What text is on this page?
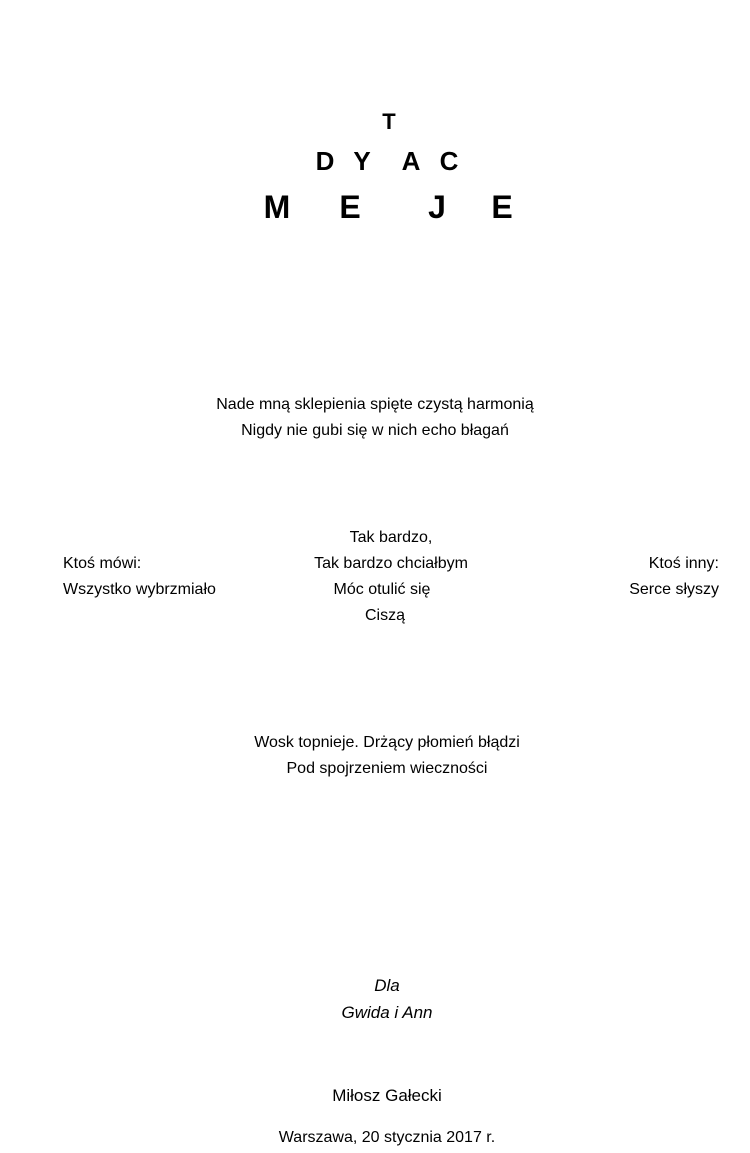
T
D Y A C
M E J E
Nade mną sklepienia spięte czystą harmonią
Nigdy nie gubi się w nich echo błagań
Tak bardzo,
Ktoś mówi:	Tak bardzo chciałbym	Ktoś inny:
Wszystko wybrzmiało	Móc otulić się	Serce słyszy
Ciszą
Wosk topnieje. Drżący płomień błądzi
Pod spojrzeniem wieczności
Dla
Gwida i Ann
Miłosz Gałecki
Warszawa, 20 stycznia 2017 r.
